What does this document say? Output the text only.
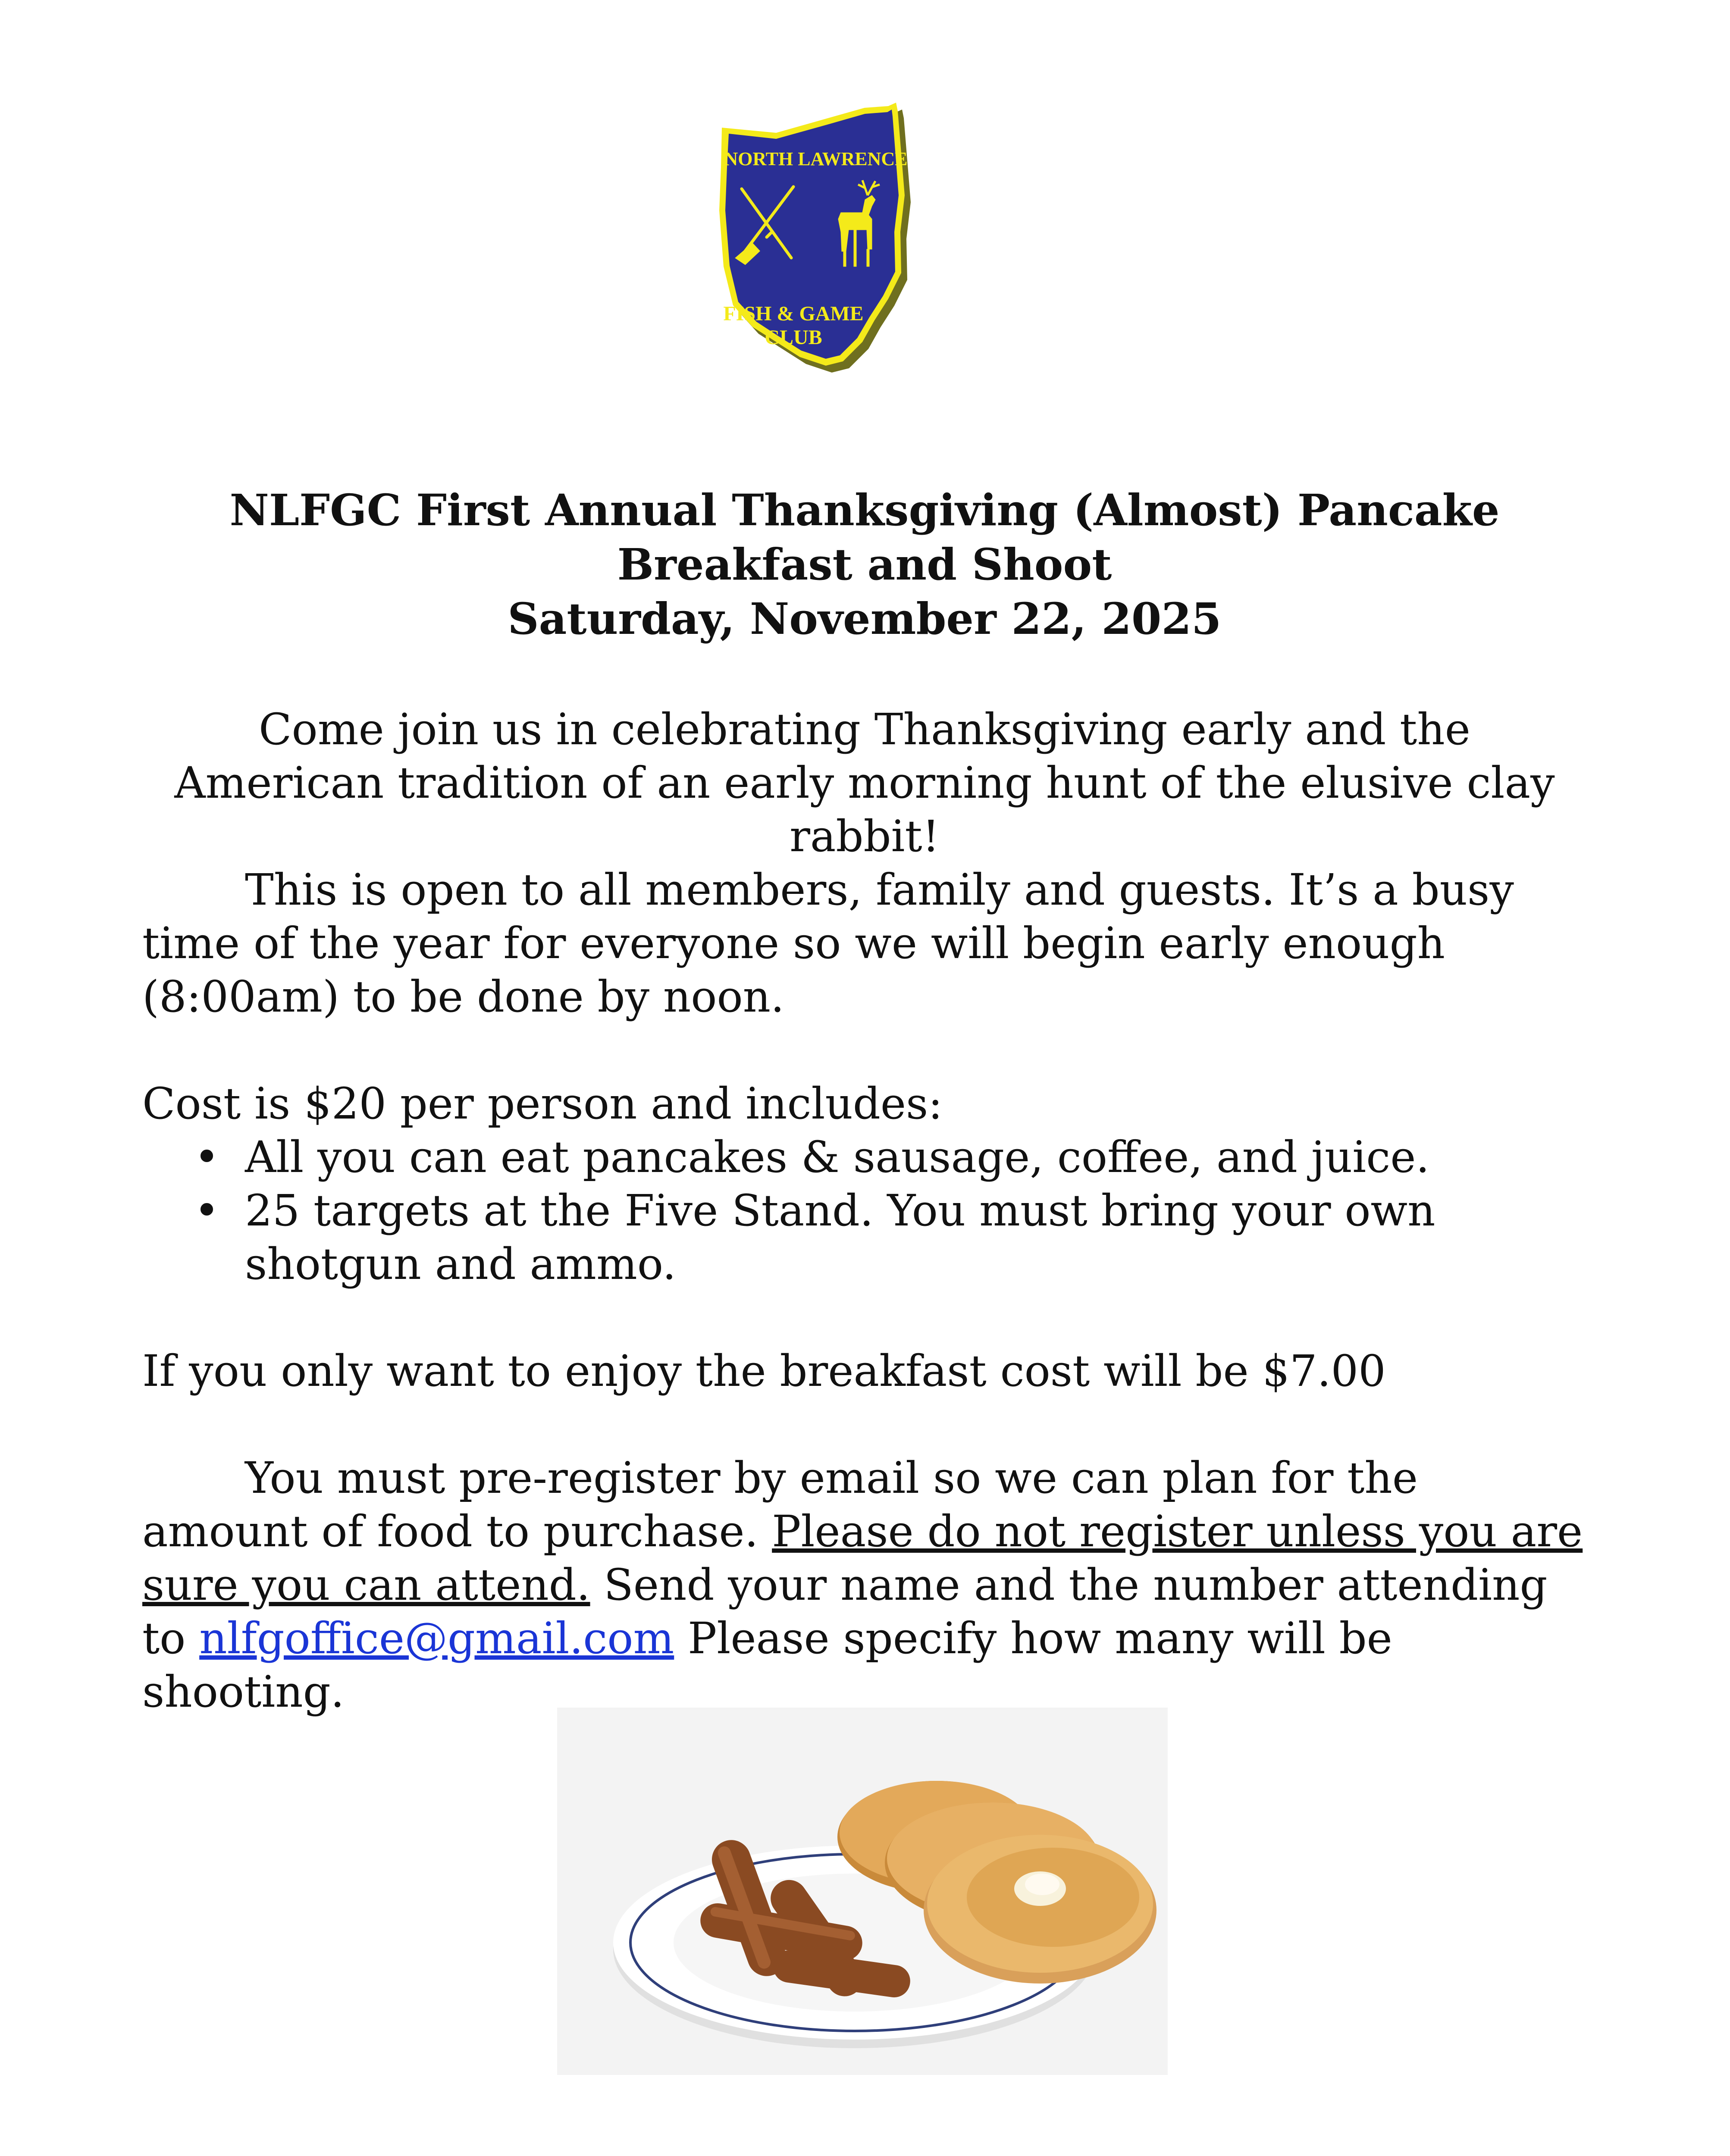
NORTH LAWRENCE
FISH & GAME
CLUB
NLFGC First Annual Thanksgiving (Almost) Pancake
Breakfast and Shoot
Saturday, November 22, 2025

Come join us in celebrating Thanksgiving early and the

American tradition of an early morning hunt of the elusive clay

rabbit!

This is open to all members, family and guests. It’s a busy time of the year for everyone so we will begin early enough (8:00am) to be done by noon.

Cost is $20 per person and includes:

• All you can eat pancakes & sausage, coffee, and juice.
• 25 targets at the Five Stand. You must bring your own shotgun and ammo.

If you only want to enjoy the breakfast cost will be $7.00

You must pre-register by email so we can plan for the amount of food to purchase. Please do not register unless you are sure you can attend. Send your name and the number attending to nlfgoffice@gmail.com Please specify how many will be shooting.
